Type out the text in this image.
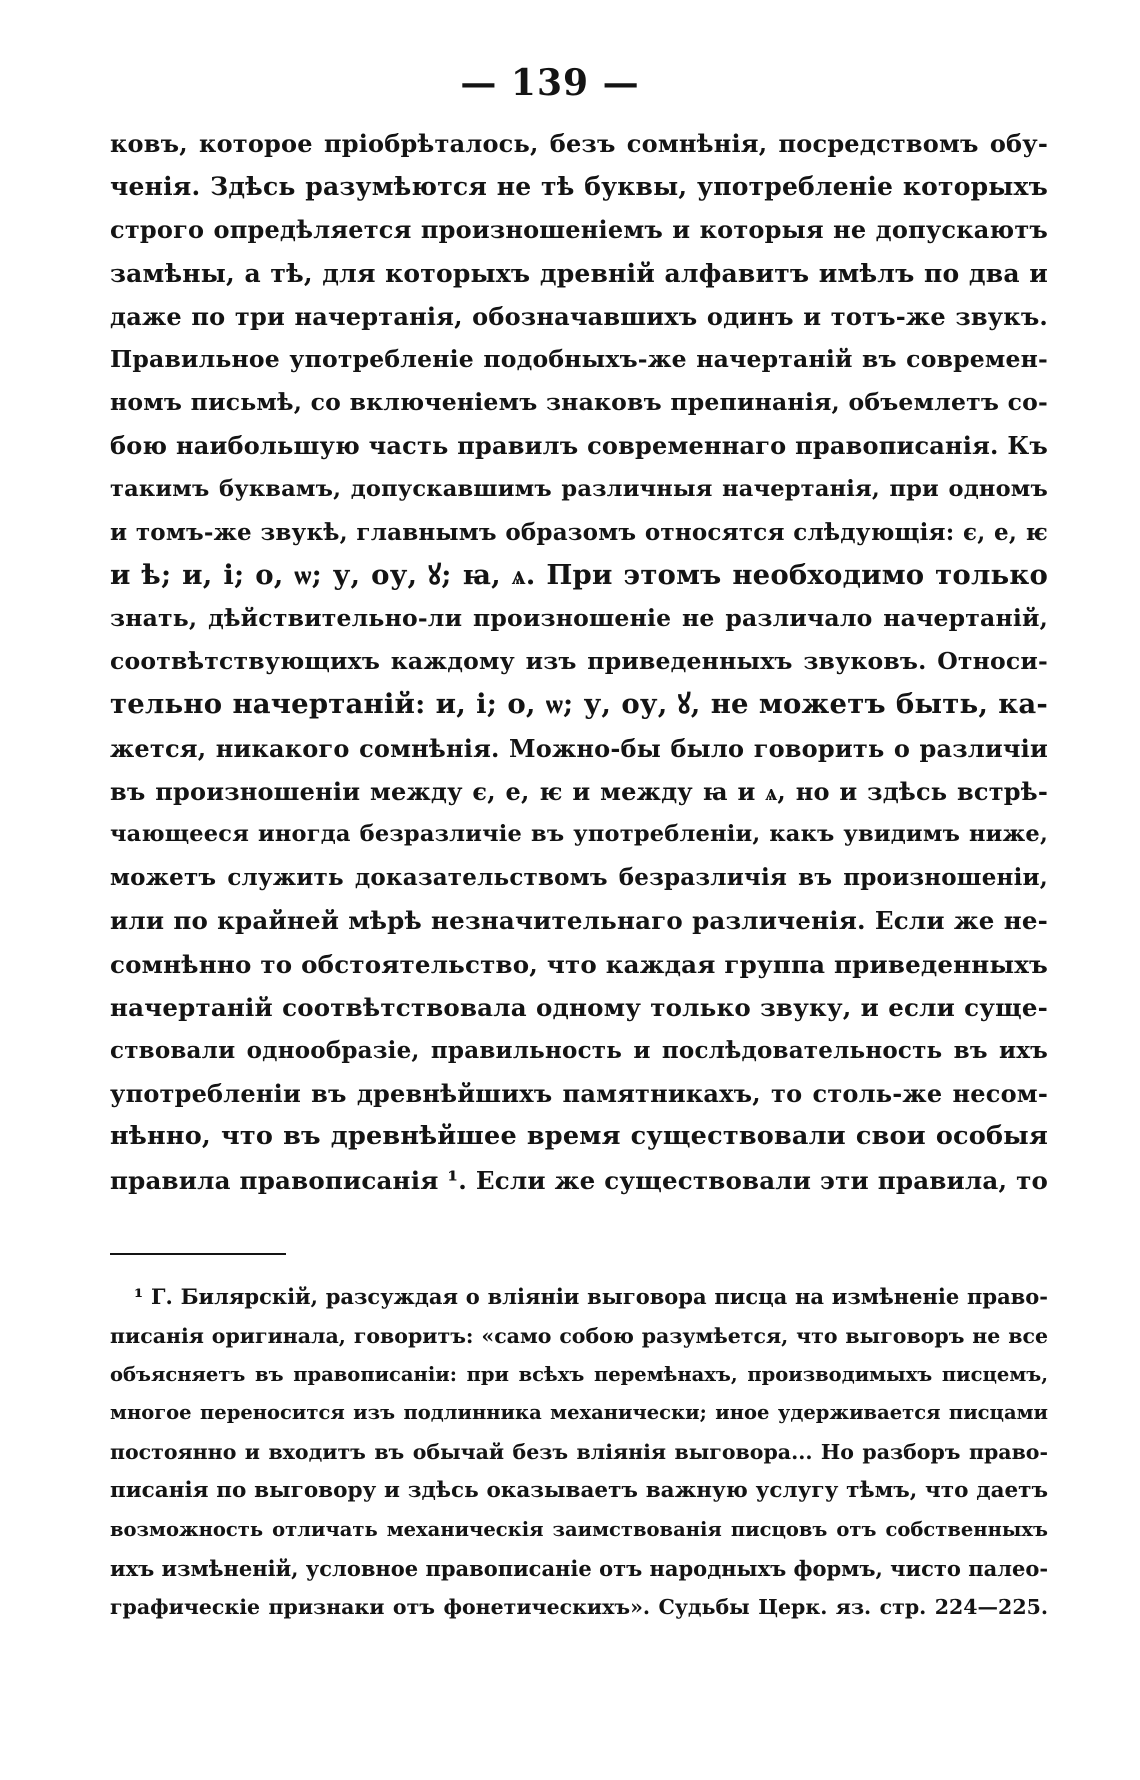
— 139 —
ковъ, которое пріобрѣталось, безъ сомнѣнія, посредствомъ обу-
ченія. Здѣсь разумѣются не тѣ буквы, употребленіе которыхъ
строго опредѣляется произношеніемъ и которыя не допускаютъ
замѣны, а тѣ, для которыхъ древній алфавитъ имѣлъ по два и
даже по три начертанія, обозначавшихъ одинъ и тотъ-же звукъ.
Правильное употребленіе подобныхъ-же начертаній въ современ-
номъ письмѣ, со включеніемъ знаковъ препинанія, объемлетъ со-
бою наибольшую часть правилъ современнаго правописанія. Къ
такимъ буквамъ, допускавшимъ различныя начертанія, при одномъ
и томъ-же звукѣ, главнымъ образомъ относятся слѣдующія: є, е, ѥ
и ѣ; и, і; о, ѡ; у, оу, ꙋ; ꙗ, ѧ. При этомъ необходимо только
знать, дѣйствительно-ли произношеніе не различало начертаній,
соотвѣтствующихъ каждому изъ приведенныхъ звуковъ. Относи-
тельно начертаній: и, і; о, ѡ; у, оу, ꙋ, не можетъ быть, ка-
жется, никакого сомнѣнія. Можно-бы было говорить о различіи
въ произношеніи между є, е, ѥ и между ꙗ и ѧ, но и здѣсь встрѣ-
чающееся иногда безразличіе въ употребленіи, какъ увидимъ ниже,
можетъ служить доказательствомъ безразличія въ произношеніи,
или по крайней мѣрѣ незначительнаго различенія. Если же не-
сомнѣнно то обстоятельство, что каждая группа приведенныхъ
начертаній соотвѣтствовала одному только звуку, и если суще-
ствовали однообразіе, правильность и послѣдовательность въ ихъ
употребленіи въ древнѣйшихъ памятникахъ, то столь-же несом-
нѣнно, что въ древнѣйшее время существовали свои особыя
правила правописанія ¹. Если же существовали эти правила, то
¹ Г. Билярскій, разсуждая о вліяніи выговора писца на измѣненіе право-
писанія оригинала, говоритъ: «само собою разумѣется, что выговоръ не все
объясняетъ въ правописаніи: при всѣхъ перемѣнахъ, производимыхъ писцемъ,
многое переносится изъ подлинника механически; иное удерживается писцами
постоянно и входитъ въ обычай безъ вліянія выговора... Но разборъ право-
писанія по выговору и здѣсь оказываетъ важную услугу тѣмъ, что даетъ
возможность отличать механическія заимствованія писцовъ отъ собственныхъ
ихъ измѣненій, условное правописаніе отъ народныхъ формъ, чисто палео-
графическіе признаки отъ фонетическихъ». Судьбы Церк. яз. стр. 224—225.
